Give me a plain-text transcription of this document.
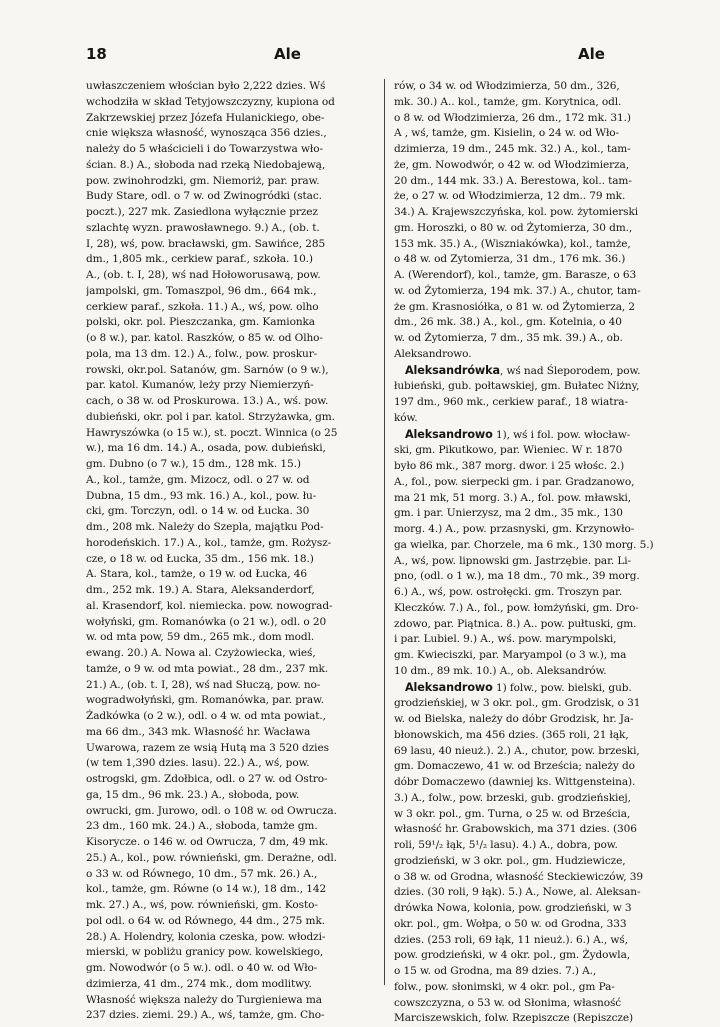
18	Ale	Ale
uwłaszczeniem włościan było 2,222 dzies. Wś
wchodziła w skład Tetyjowszczyzny, kupiona od
Zakrzewskiej przez Józefa Hulanickiego, obe-
cnie większa własność, wynosząca 356 dzies.,
należy do 5 właścicieli i do Towarzystwa wło-
ścian. 8.) A., słoboda nad rzeką Niedobajewą,
pow. zwinohrodzki, gm. Niemoriż, par. praw.
Budy Stare, odl. o 7 w. od Zwinogródki (stac.
poczt.), 227 mk. Zasiedlona wyłącznie przez
szlachtę wyzn. prawosławnego. 9.) A., (ob. t.
I, 28), wś, pow. bracławski, gm. Sawińce, 285
dm., 1,805 mk., cerkiew paraf., szkoła. 10.)
A., (ob. t. I, 28), wś nad Hołoworusawą, pow.
jampolski, gm. Tomaszpol, 96 dm., 664 mk.,
cerkiew paraf., szkoła. 11.) A., wś, pow. olho
polski, okr. pol. Pieszczanka, gm. Kamionka
(o 8 w.), par. katol. Raszków, o 85 w. od Olho-
pola, ma 13 dm. 12.) A., folw., pow. proskur-
rowski, okr.pol. Satanów, gm. Sarnów (o 9 w.),
par. katol. Kumanów, leży przy Niemierzyń-
cach, o 38 w. od Proskurowa. 13.) A., wś. pow.
dubieński, okr. pol i par. katol. Strzyżawka, gm.
Hawryszówka (o 15 w.), st. poczt. Winnica (o 25
w.), ma 16 dm. 14.) A., osada, pow. dubieński,
gm. Dubno (o 7 w.), 15 dm., 128 mk. 15.)
A., kol., tamże, gm. Mizocz, odl. o 27 w. od
Dubna, 15 dm., 93 mk. 16.) A., kol., pow. łu-
cki, gm. Torczyn, odl. o 14 w. od Łucka. 30
dm., 208 mk. Należy do Szepla, majątku Pod-
horodeńskich. 17.) A., kol., tamże, gm. Rożysz-
cze, o 18 w. od Łucka, 35 dm., 156 mk. 18.)
A. Stara, kol., tamże, o 19 w. od Łucka, 46
dm., 252 mk. 19.) A. Stara, Aleksanderdorf,
al. Krasendorf, kol. niemiecka. pow. nowograd-
wołyński, gm. Romanówka (o 21 w.), odl. o 20
w. od mta pow, 59 dm., 265 mk., dom modl.
ewang. 20.) A. Nowa al. Czyżowiecka, wieś,
tamże, o 9 w. od mta powiat., 28 dm., 237 mk.
21.) A., (ob. t. I, 28), wś nad Słuczą, pow. no-
wogradwołyński, gm. Romanówka, par. praw.
Żadkówka (o 2 w.), odl. o 4 w. od mta powiat.,
ma 66 dm., 343 mk. Własność hr. Wacława
Uwarowa, razem ze wsią Hutą ma 3 520 dzies
(w tem 1,390 dzies. lasu). 22.) A., wś, pow.
ostrogski, gm. Zdołbica, odl. o 27 w. od Ostro-
ga, 15 dm., 96 mk. 23.) A., słoboda, pow.
owrucki, gm. Jurowo, odl. o 108 w. od Owrucza.
23 dm., 160 mk. 24.) A., słoboda, tamże gm.
Kisorycze. o 146 w. od Owrucza, 7 dm, 49 mk.
25.) A., kol., pow. równieński, gm. Derażne, odl.
o 33 w. od Równego, 10 dm., 57 mk. 26.) A.,
kol., tamże, gm. Równe (o 14 w.), 18 dm., 142
mk. 27.) A., wś, pow. równieński, gm. Kosto-
pol odl. o 64 w. od Równego, 44 dm., 275 mk.
28.) A. Holendry, kolonia czeska, pow. włodzi-
mierski, w pobliżu granicy pow. kowelskiego,
gm. Nowodwór (o 5 w.). odl. o 40 w. od Wło-
dzimierza, 41 dm., 274 mk., dom modlitwy.
Własność większa należy do Turgieniewa ma
237 dzies. ziemi. 29.) A., wś, tamże, gm. Cho-
rów, o 34 w. od Włodzimierza, 50 dm., 326,
mk. 30.) A.. kol., tamże, gm. Korytnica, odl.
o 8 w. od Włodzimierza, 26 dm., 172 mk. 31.)
A , wś, tamże, gm. Kisielin, o 24 w. od Wło-
dzimierza, 19 dm., 245 mk. 32.) A., kol., tam-
że, gm. Nowodwór, o 42 w. od Włodzimierza,
20 dm., 144 mk. 33.) A. Berestowa, kol.. tam-
że, o 27 w. od Włodzimierza, 12 dm.. 79 mk.
34.) A. Krajewszczyńska, kol. pow. żytomierski
gm. Horoszki, o 80 w. od Żytomierza, 30 dm.,
153 mk. 35.) A., (Wiszniakówka), kol., tamże,
o 48 w. od Zytomierza, 31 dm., 176 mk. 36.)
A. (Werendorf), kol., tamże, gm. Barasze, o 63
w. od Żytomierza, 194 mk. 37.) A., chutor, tam-
że gm. Krasnosiółka, o 81 w. od Żytomierza, 2
dm., 26 mk. 38.) A., kol., gm. Kotelnia, o 40
w. od Żytomierza, 7 dm., 35 mk. 39.) A., ob.
Aleksandrowo.
Aleksandrówka, wś nad Śleporodem, pow.
łubieński, gub. połtawskiej, gm. Bułatec Niżny,
197 dm., 960 mk., cerkiew paraf., 18 wiatra-
ków.
Aleksandrowo 1), wś i fol. pow. włocław-
ski, gm. Pikutkowo, par. Wieniec. W r. 1870
było 86 mk., 387 morg. dwor. i 25 włośc. 2.)
A., fol., pow. sierpecki gm. i par. Gradzanowo,
ma 21 mk, 51 morg. 3.) A., fol. pow. mławski,
gm. i par. Unierzysz, ma 2 dm., 35 mk., 130
morg. 4.) A., pow. przasnyski, gm. Krzynowło-
ga wielka, par. Chorzele, ma 6 mk., 130 morg. 5.)
A., wś, pow. lipnowski gm. Jastrzębie. par. Li-
pno, (odl. o 1 w.), ma 18 dm., 70 mk., 39 morg.
6.) A., wś, pow. ostrołęcki. gm. Troszyn par.
Kleczków. 7.) A., fol., pow. łomżyński, gm. Dro-
zdowo, par. Piątnica. 8.) A.. pow. pułtuski, gm.
i par. Lubiel. 9.) A., wś. pow. marympolski,
gm. Kwieciszki, par. Maryampol (o 3 w.), ma
10 dm., 89 mk. 10.) A., ob. Aleksandrów.
Aleksandrowo 1) folw., pow. bielski, gub.
grodzieńskiej, w 3 okr. pol., gm. Grodzisk, o 31
w. od Bielska, należy do dóbr Grodzisk, hr. Ja-
błonowskich, ma 456 dzies. (365 roli, 21 łąk,
69 lasu, 40 nieuż.). 2.) A., chutor, pow. brzeski,
gm. Domaczewo, 41 w. od Brześcia; należy do
dóbr Domaczewo (dawniej ks. Wittgensteina).
3.) A., folw., pow. brzeski, gub. grodzieńskiej,
w 3 okr. pol., gm. Turna, o 25 w. od Brześcia,
własność hr. Grabowskich, ma 371 dzies. (306
roli, 59¹/₂ łąk, 5¹/₂ lasu). 4.) A., dobra, pow.
grodzieński, w 3 okr. pol., gm. Hudziewicze,
o 38 w. od Grodna, własność Steckiewiczów, 39
dzies. (30 roli, 9 łąk). 5.) A., Nowe, al. Aleksan-
drówka Nowa, kolonia, pow. grodzieński, w 3
okr. pol., gm. Wołpa, o 50 w. od Grodna, 333
dzies. (253 roli, 69 łąk, 11 nieuż.). 6.) A., wś,
pow. grodzieński, w 4 okr. pol., gm. Żydowla,
o 15 w. od Grodna, ma 89 dzies. 7.) A.,
folw., pow. słonimski, w 4 okr. pol., gm Pa-
cowszczyzna, o 53 w. od Słonima, własność
Marciszewskich, folw. Rzepiszcze (Repiszcze)
